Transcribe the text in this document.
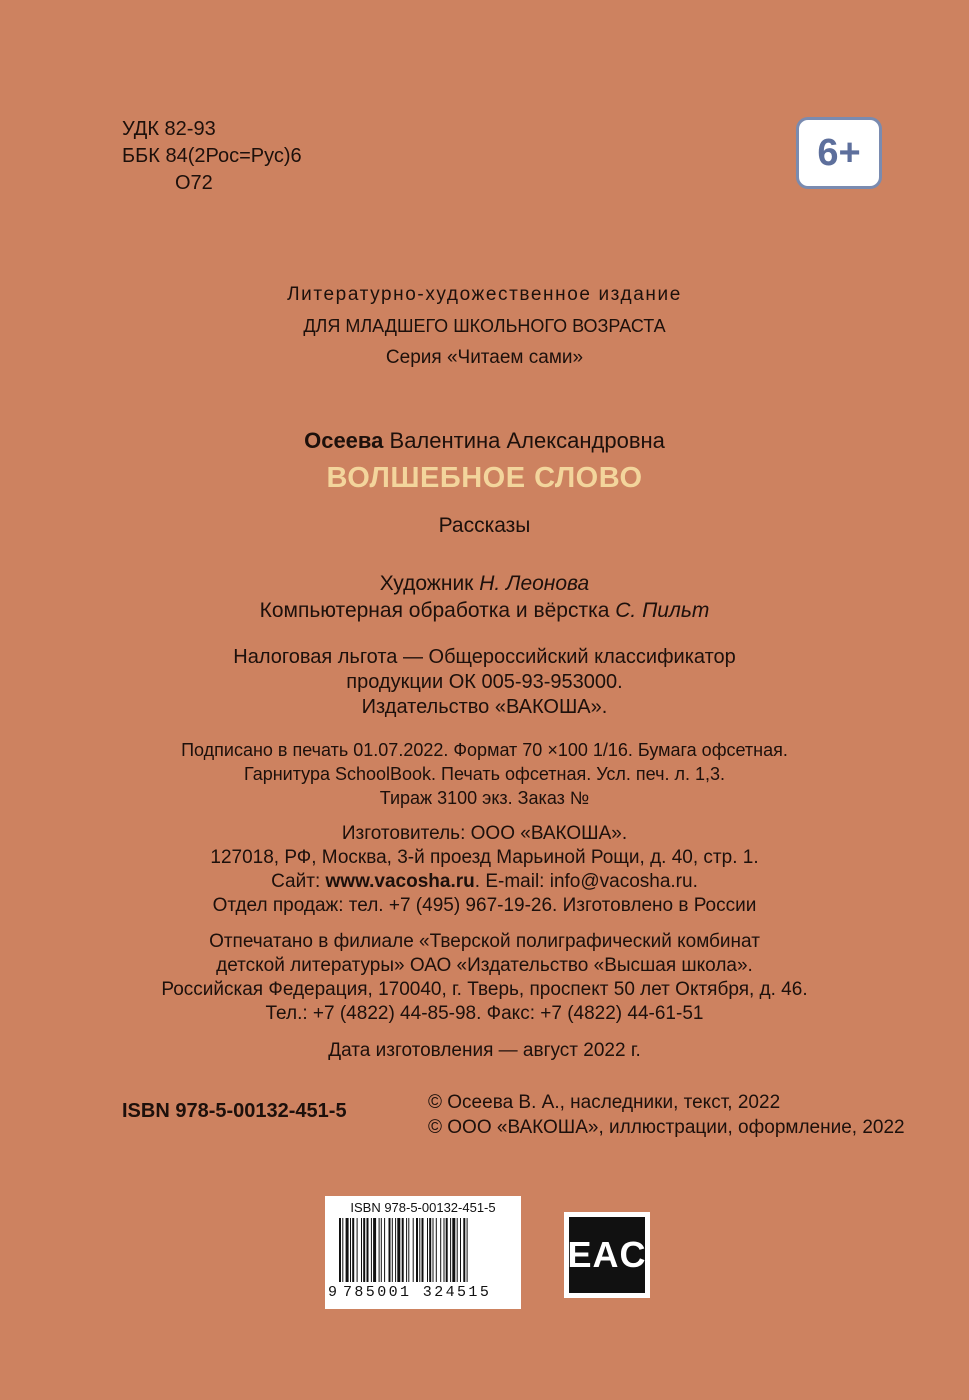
УДК 82-93
ББК 84(2Рос=Рус)6
О72
6+
Литературно-художественное издание
ДЛЯ МЛАДШЕГО ШКОЛЬНОГО ВОЗРАСТА
Серия «Читаем сами»
Осеева Валентина Александровна
ВОЛШЕБНОЕ СЛОВО
Рассказы
Художник Н. Леонова
Компьютерная обработка и вёрстка С. Пильт
Налоговая льгота — Общероссийский классификатор
продукции ОК 005-93-953000.
Издательство «ВАКОША».
Подписано в печать 01.07.2022. Формат 70 ×100 1/16. Бумага офсетная.
Гарнитура SchoolBook. Печать офсетная. Усл. печ. л. 1,3.
Тираж 3100 экз. Заказ №
Изготовитель: ООО «ВАКОША».
127018, РФ, Москва, 3-й проезд Марьиной Рощи, д. 40, стр. 1.
Сайт: www.vacosha.ru. E-mail: info@vacosha.ru.
Отдел продаж: тел. +7 (495) 967-19-26. Изготовлено в России
Отпечатано в филиале «Тверской полиграфический комбинат
детской литературы» ОАО «Издательство «Высшая школа».
Российская Федерация, 170040, г. Тверь, проспект 50 лет Октября, д. 46.
Тел.: +7 (4822) 44-85-98. Факс: +7 (4822) 44-61-51
Дата изготовления — август 2022 г.
ISBN 978-5-00132-451-5	© Осеева В. А., наследники, текст, 2022
© ООО «ВАКОША», иллюстрации, оформление, 2022
ISBN 978-5-00132-451-5
9 785001 324515
EAC
